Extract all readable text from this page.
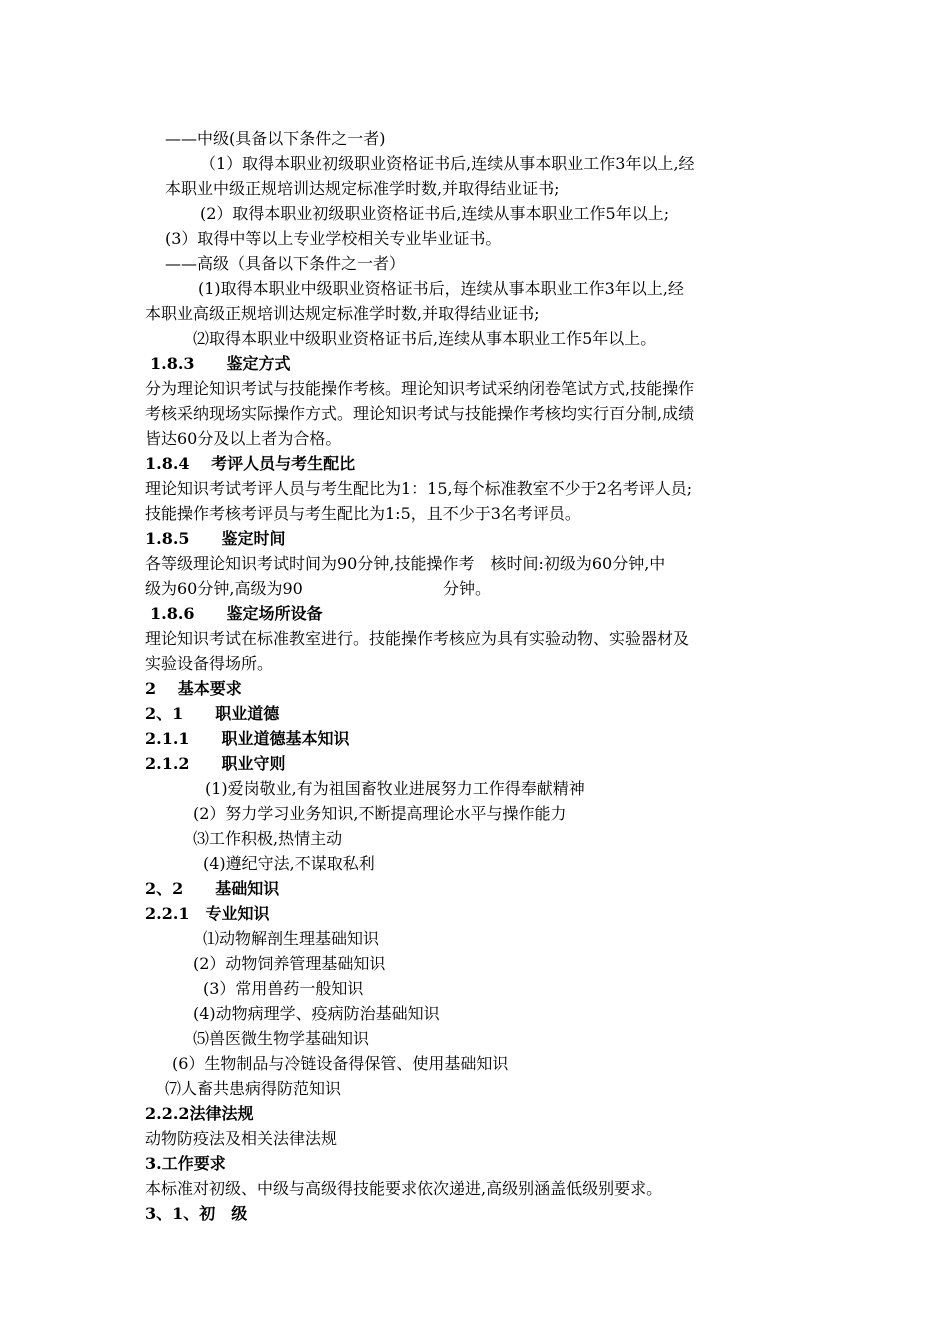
——中级(具备以下条件之一者)
（1）取得本职业初级职业资格证书后,连续从事本职业工作3年以上,经
本职业中级正规培训达规定标准学时数,并取得结业证书;
(2）取得本职业初级职业资格证书后,连续从事本职业工作5年以上;
(3）取得中等以上专业学校相关专业毕业证书。
——高级（具备以下条件之一者）
(1)取得本职业中级职业资格证书后，连续从事本职业工作3年以上,经
本职业高级正规培训达规定标准学时数,并取得结业证书;
⑵取得本职业中级职业资格证书后,连续从事本职业工作5年以上。
1.8.3　　鉴定方式
分为理论知识考试与技能操作考核。理论知识考试采纳闭卷笔试方式,技能操作
考核采纳现场实际操作方式。理论知识考试与技能操作考核均实行百分制,成绩
皆达60分及以上者为合格。
1.8.4　 考评人员与考生配比
理论知识考试考评人员与考生配比为1：15,每个标准教室不少于2名考评人员;
技能操作考核考评员与考生配比为1:5，且不少于3名考评员。
1.8.5　　鉴定时间
各等级理论知识考试时间为90分钟,技能操作考　核时间:初级为60分钟,中
级为60分钟,高级为90	分钟。
1.8.6　　鉴定场所设备
理论知识考试在标准教室进行。技能操作考核应为具有实验动物、实验器材及
实验设备得场所。
2　 基本要求
2、1　　职业道德
2.1.1　　职业道德基本知识
2.1.2　　职业守则
(1)爱岗敬业,有为祖国畜牧业进展努力工作得奉献精神
(2）努力学习业务知识,不断提高理论水平与操作能力
⑶工作积极,热情主动
(4)遵纪守法,不谋取私利
2、2　　基础知识
2.2.1　专业知识
⑴动物解剖生理基础知识
(2）动物饲养管理基础知识
(3）常用兽药一般知识
(4)动物病理学、疫病防治基础知识
⑸兽医微生物学基础知识
(6）生物制品与冷链设备得保管、使用基础知识
⑺人畜共患病得防范知识
2.2.2法律法规
动物防疫法及相关法律法规
3.工作要求
本标准对初级、中级与高级得技能要求依次递进,高级别涵盖低级别要求。
3、1、初　级
